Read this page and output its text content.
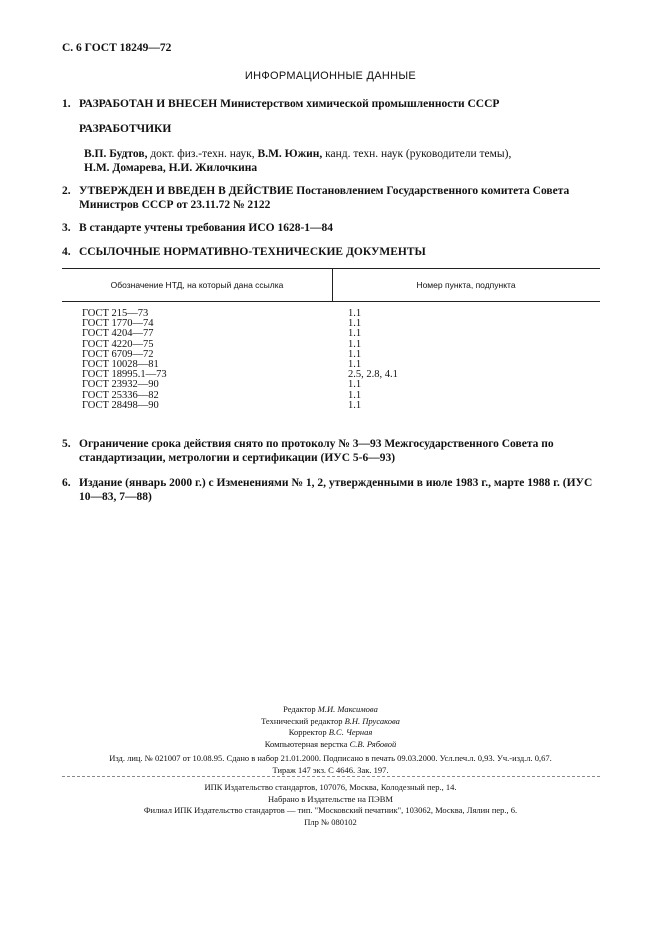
С. 6 ГОСТ 18249—72
ИНФОРМАЦИОННЫЕ ДАННЫЕ
1. РАЗРАБОТАН И ВНЕСЕН Министерством химической промышленности СССР
РАЗРАБОТЧИКИ
В.П. Будтов, докт. физ.-техн. наук, В.М. Южин, канд. техн. наук (руководители темы),
Н.М. Домарева, Н.И. Жилочкина
2. УТВЕРЖДЕН И ВВЕДЕН В ДЕЙСТВИЕ Постановлением Государственного комитета Совета Министров СССР от 23.11.72 № 2122
3. В стандарте учтены требования ИСО 1628-1—84
4. ССЫЛОЧНЫЕ НОРМАТИВНО-ТЕХНИЧЕСКИЕ ДОКУМЕНТЫ
Обозначение НТД, на который дана ссылка	Номер пункта, подпункта
ГОСТ 215—73
ГОСТ 1770—74
ГОСТ 4204—77
ГОСТ 4220—75
ГОСТ 6709—72
ГОСТ 10028—81
ГОСТ 18995.1—73
ГОСТ 23932—90
ГОСТ 25336—82
ГОСТ 28498—90
1.1
1.1
1.1
1.1
1.1
1.1
2.5, 2.8, 4.1
1.1
1.1
1.1
5. Ограничение срока действия снято по протоколу № 3—93 Межгосударственного Совета по стандартизации, метрологии и сертификации (ИУС 5-6—93)
6. Издание (январь 2000 г.) с Изменениями № 1, 2, утвержденными в июле 1983 г., марте 1988 г. (ИУС 10—83, 7—88)
Редактор М.И. Максимова
Технический редактор В.Н. Прусакова
Корректор В.С. Черная
Компьютерная верстка С.В. Рябовой
Изд. лиц. № 021007 от 10.08.95. Сдано в набор 21.01.2000. Подписано в печать 09.03.2000. Усл.печ.л. 0,93. Уч.-изд.л. 0,67.
Тираж 147 экз. С 4646. Зак. 197.
ИПК Издательство стандартов, 107076, Москва, Колодезный пер., 14.
Набрано в Издательстве на ПЭВМ
Филиал ИПК Издательство стандартов — тип. "Московский печатник", 103062, Москва, Лялин пер., 6.
Плр № 080102
